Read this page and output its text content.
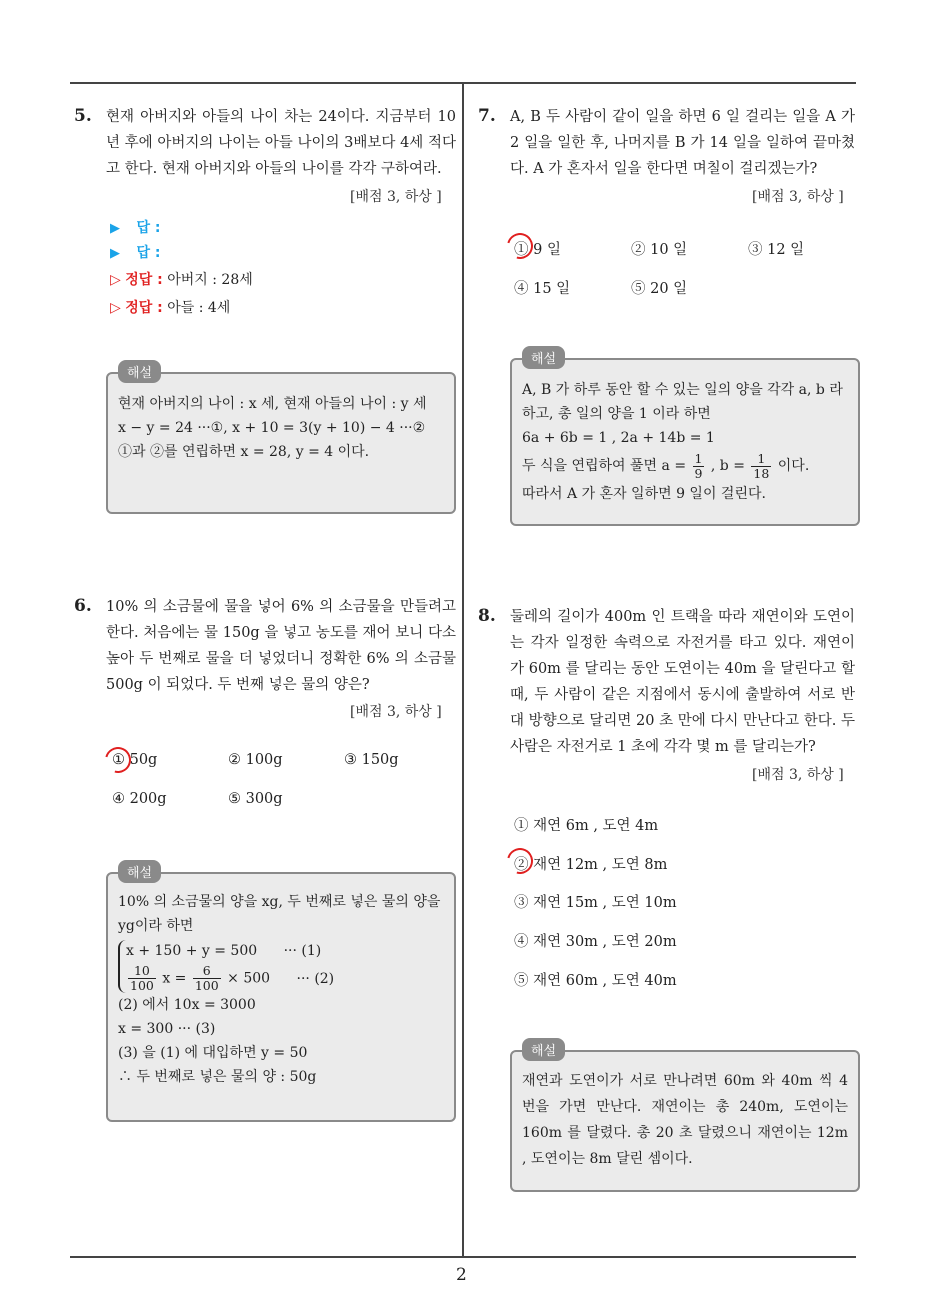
2
5. 현재 아버지와 아들의 나이 차는 24이다. 지금부터 10년 후에 아버지의 나이는 아들 나이의 3배보다 4세 적다고 한다. 현재 아버지와 아들의 나이를 각각 구하여라.
[배점 3, 하상 ]
▶ 답 :
▶ 답 :
▷ 정답 : 아버지 : 28세
▷ 정답 : 아들 : 4세
해설
현재 아버지의 나이 : x 세, 현재 아들의 나이 : y 세
x − y = 24 ···①, x + 10 = 3(y + 10) − 4 ···②
①과 ②를 연립하면 x = 28, y = 4 이다.
6. 10% 의 소금물에 물을 넣어 6% 의 소금물을 만들려고 한다. 처음에는 물 150g 을 넣고 농도를 재어 보니 다소 높아 두 번째로 물을 더 넣었더니 정확한 6% 의 소금물 500g 이 되었다. 두 번째 넣은 물의 양은?
[배점 3, 하상 ]
① 50g	② 100g	③ 150g
④ 200g	⑤ 300g
해설
10% 의 소금물의 양을 xg, 두 번째로 넣은 물의 양을 yg이라 하면
x + 150 + y = 500 ··· (1)
$\frac{10}{100}$ $x = \frac{6}{100} \times 500$ ··· (2)
(2) 에서 10x = 3000
x = 300 ··· (3)
(3) 을 (1) 에 대입하면 y = 50
∴ 두 번째로 넣은 물의 양 : 50g
7. A, B 두 사람이 같이 일을 하면 6 일 걸리는 일을 A 가 2 일을 일한 후, 나머지를 B 가 14 일을 일하여 끝마쳤다. A 가 혼자서 일을 한다면 며칠이 걸리겠는가?
[배점 3, 하상 ]
① 9 일	② 10 일	③ 12 일
④ 15 일	⑤ 20 일
해설
A, B 가 하루 동안 할 수 있는 일의 양을 각각 a, b 라 하고, 총 일의 양을 1 이라 하면
6a + 6b = 1 , 2a + 14b = 1
두 식을 연립하여 풀면 $a = \frac{1}{9}$ , $b = \frac{1}{18}$ 이다.
따라서 A 가 혼자 일하면 9 일이 걸린다.
8. 둘레의 길이가 400m 인 트랙을 따라 재연이와 도연이는 각자 일정한 속력으로 자전거를 타고 있다. 재연이가 60m 를 달리는 동안 도연이는 40m 을 달린다고 할 때, 두 사람이 같은 지점에서 동시에 출발하여 서로 반대 방향으로 달리면 20 초 만에 다시 만난다고 한다. 두 사람은 자전거로 1 초에 각각 몇 m 를 달리는가?
[배점 3, 하상 ]
① 재연 6m , 도연 4m
② 재연 12m , 도연 8m
③ 재연 15m , 도연 10m
④ 재연 30m , 도연 20m
⑤ 재연 60m , 도연 40m
해설
재연과 도연이가 서로 만나려면 60m 와 40m 씩 4 번을 가면 만난다. 재연이는 총 240m, 도연이는 160m 를 달렸다. 총 20 초 달렸으니 재연이는 12m , 도연이는 8m 달린 셈이다.
